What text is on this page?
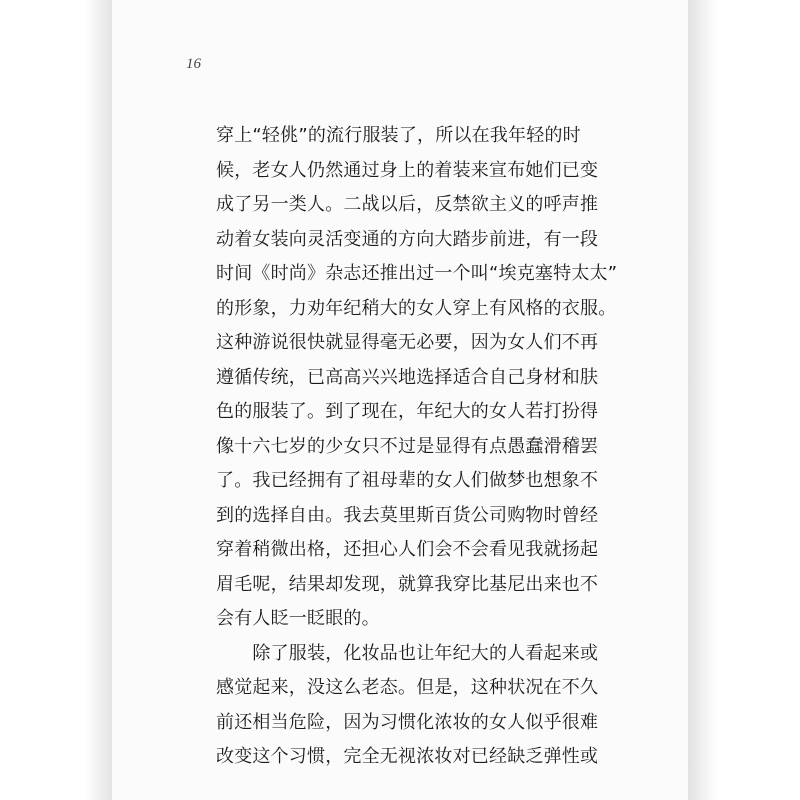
16
穿上“轻佻”的流行服装了，所以在我年轻的时
候，老女人仍然通过身上的着装来宣布她们已变
成了另一类人。二战以后，反禁欲主义的呼声推
动着女装向灵活变通的方向大踏步前进，有一段
时间《时尚》杂志还推出过一个叫“埃克塞特太太”
的形象，力劝年纪稍大的女人穿上有风格的衣服。
这种游说很快就显得毫无必要，因为女人们不再
遵循传统，已高高兴兴地选择适合自己身材和肤
色的服装了。到了现在，年纪大的女人若打扮得
像十六七岁的少女只不过是显得有点愚蠢滑稽罢
了。我已经拥有了祖母辈的女人们做梦也想象不
到的选择自由。我去莫里斯百货公司购物时曾经
穿着稍微出格，还担心人们会不会看见我就扬起
眉毛呢，结果却发现，就算我穿比基尼出来也不
会有人眨一眨眼的。
　　除了服装，化妆品也让年纪大的人看起来或
感觉起来，没这么老态。但是，这种状况在不久
前还相当危险，因为习惯化浓妆的女人似乎很难
改变这个习惯，完全无视浓妆对已经缺乏弹性或
